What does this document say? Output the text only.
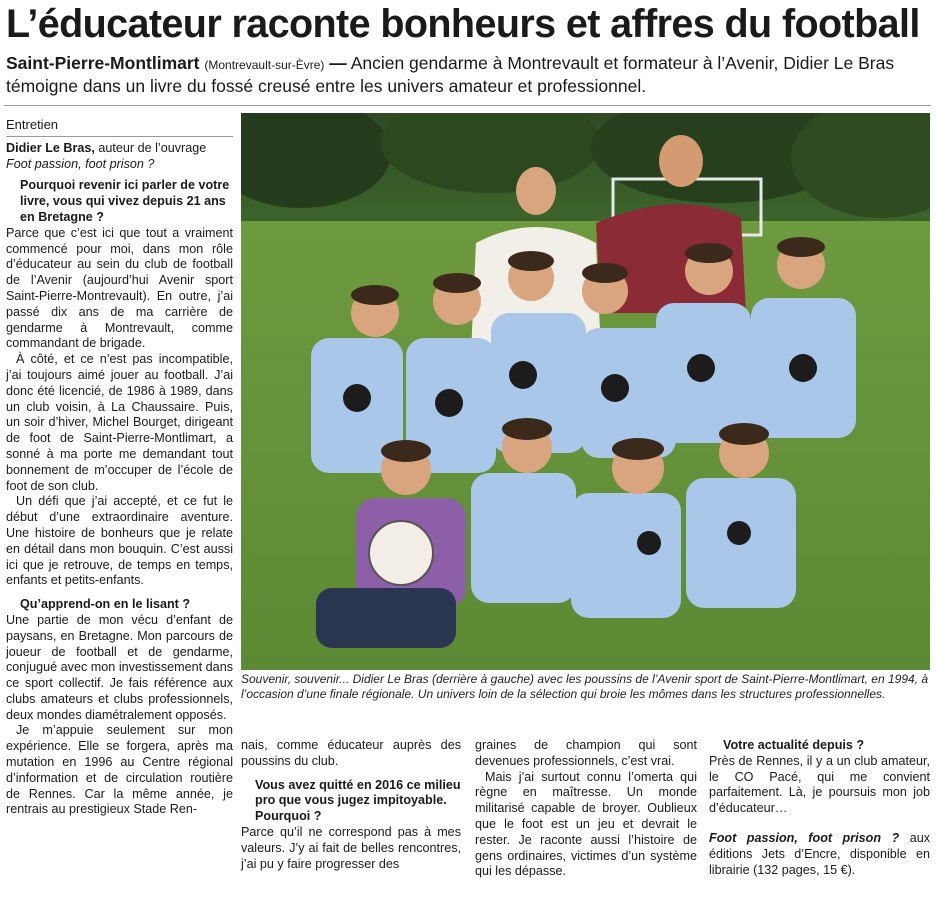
L’éducateur raconte bonheurs et affres du football
Saint-Pierre-Montlimart (Montrevault-sur-Èvre) — Ancien gendarme à Montrevault et formateur à l’Avenir, Didier Le Bras témoigne dans un livre du fossé creusé entre les univers amateur et professionnel.
Entretien

Didier Le Bras, auteur de l’ouvrage

Foot passion, foot prison ?

Pourquoi revenir ici parler de votre livre, vous qui vivez depuis 21 ans en Bretagne ?

Parce que c’est ici que tout a vraiment commencé pour moi, dans mon rôle d’éducateur au sein du club de football de l’Avenir (aujourd’hui Avenir sport Saint-Pierre-Montrevault). En outre, j’ai passé dix ans de ma carrière de gendarme à Montrevault, comme commandant de brigade.

À côté, et ce n’est pas incompatible, j’ai toujours aimé jouer au football. J’ai donc été licencié, de 1986 à 1989, dans un club voisin, à La Chaussaire. Puis, un soir d’hiver, Michel Bourget, dirigeant de foot de Saint-Pierre-Montlimart, a sonné à ma porte me demandant tout bonnement de m’occuper de l’école de foot de son club.

Un défi que j’ai accepté, et ce fut le début d’une extraordinaire aventure. Une histoire de bonheurs que je relate en détail dans mon bouquin. C’est aussi ici que je retrouve, de temps en temps, enfants et petits-enfants.

Qu’apprend-on en le lisant ?

Une partie de mon vécu d’enfant de paysans, en Bretagne. Mon parcours de joueur de football et de gendarme, conjugué avec mon investissement dans ce sport collectif. Je fais référence aux clubs amateurs et clubs professionnels, deux mondes diamétralement opposés.

Je m’appuie seulement sur mon expérience. Elle se forgera, après ma mutation en 1996 au Centre régional d’information et de circulation routière de Rennes. Car la même année, je rentrais au prestigieux Stade Ren-

Souvenir, souvenir... Didier Le Bras (derrière à gauche) avec les poussins de l’Avenir sport de Saint-Pierre-Montlimart, en 1994, à l’occasion d’une finale régionale. Un univers loin de la sélection qui broie les mômes dans les structures professionnelles.

nais, comme éducateur auprès des poussins du club.

Vous avez quitté en 2016 ce milieu pro que vous jugez impitoyable. Pourquoi ?

Parce qu’il ne correspond pas à mes valeurs. J’y ai fait de belles rencontres, j’ai pu y faire progresser des

graines de champion qui sont devenues professionnels, c’est vrai.

Mais j’ai surtout connu l’omerta qui règne en maîtresse. Un monde militarisé capable de broyer. Oublieux que le foot est un jeu et devrait le rester. Je raconte aussi l’histoire de gens ordinaires, victimes d’un système qui les dépasse.

Votre actualité depuis ?

Près de Rennes, il y a un club amateur, le CO Pacé, qui me convient parfaitement. Là, je poursuis mon job d’éducateur…

Foot passion, foot prison ? aux éditions Jets d’Encre, disponible en librairie (132 pages, 15 €).
